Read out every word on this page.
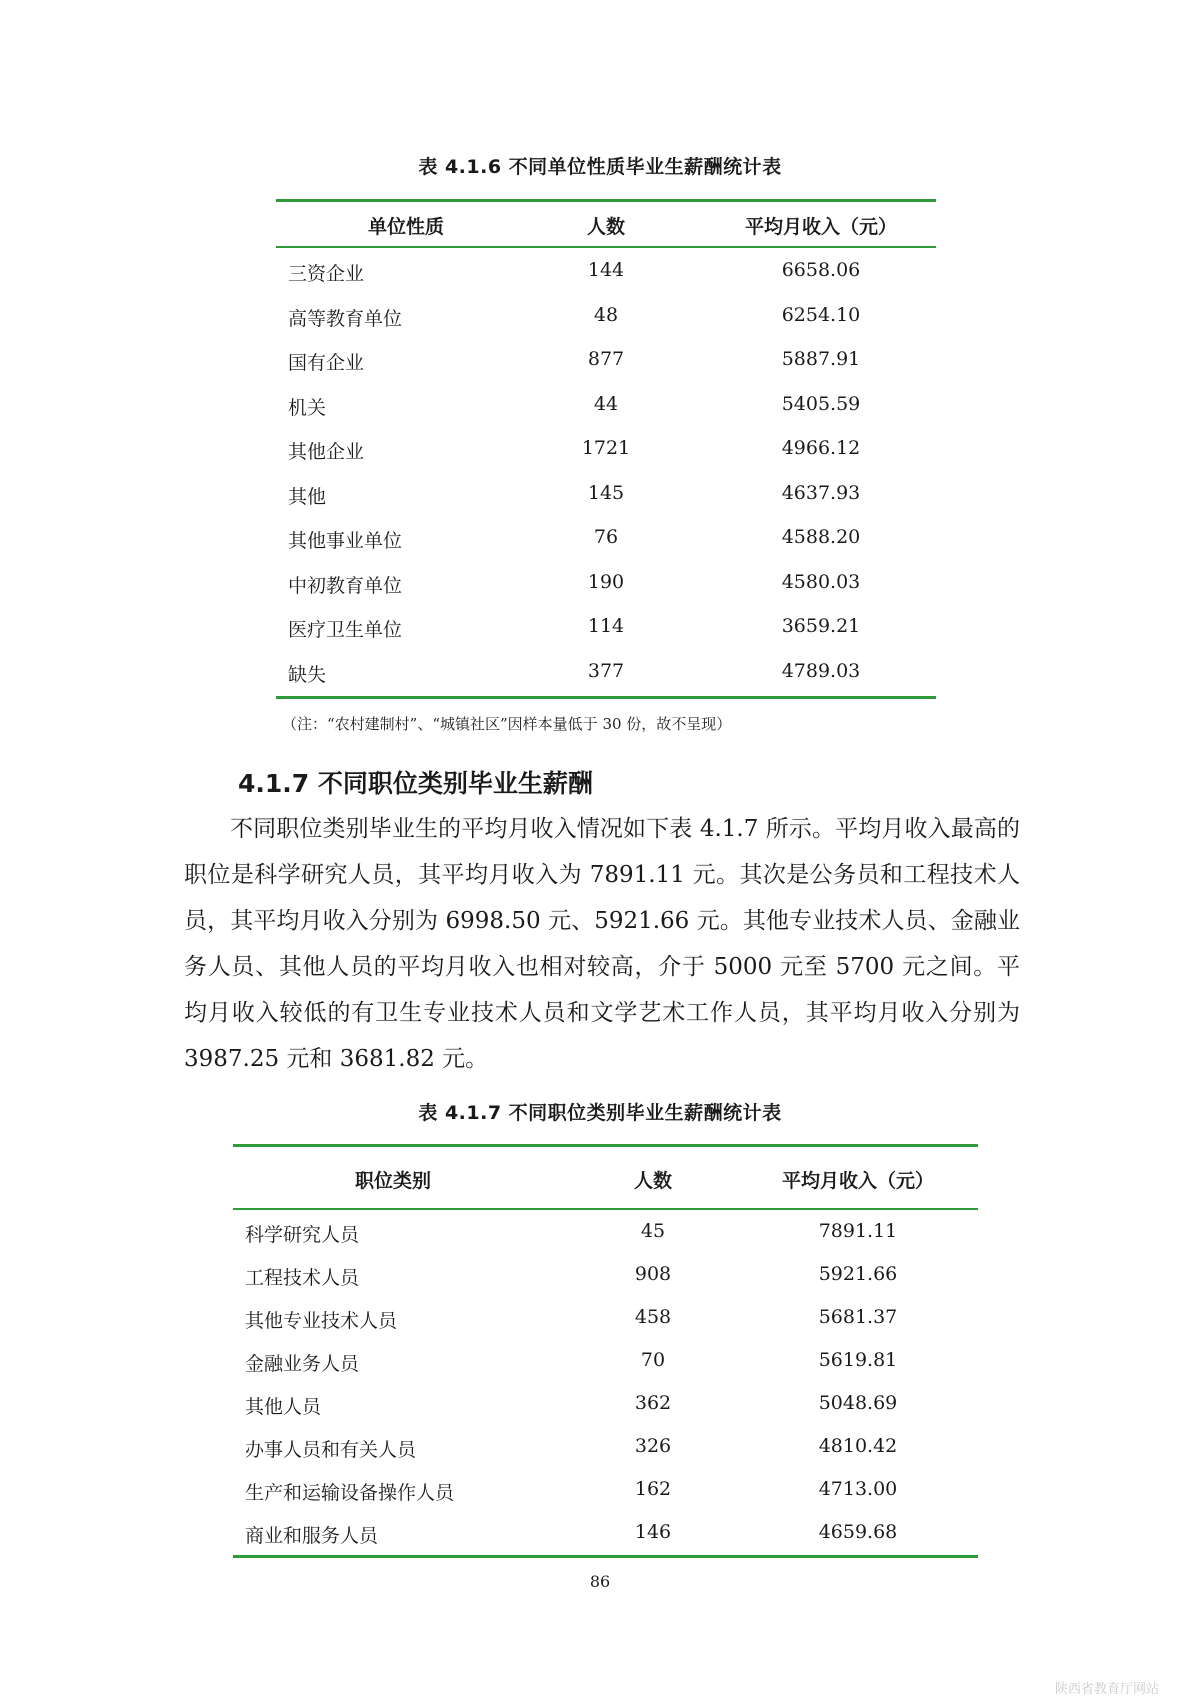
表 4.1.6 不同单位性质毕业生薪酬统计表
单位性质	人数	平均月收入（元）
三资企业	144	6658.06
高等教育单位	48	6254.10
国有企业	877	5887.91
机关	44	5405.59
其他企业	1721	4966.12
其他	145	4637.93
其他事业单位	76	4588.20
中初教育单位	190	4580.03
医疗卫生单位	114	3659.21
缺失	377	4789.03
（注：“农村建制村”、“城镇社区”因样本量低于 30 份，故不呈现）
4.1.7 不同职位类别毕业生薪酬

不同职位类别毕业生的平均月收入情况如下表 4.1.7 所示。平均月收入最高的职位是科学研究人员，其平均月收入为 7891.11 元。其次是公务员和工程技术人员，其平均月收入分别为 6998.50 元、5921.66 元。其他专业技术人员、金融业务人员、其他人员的平均月收入也相对较高，介于 5000 元至 5700 元之间。平均月收入较低的有卫生专业技术人员和文学艺术工作人员，其平均月收入分别为 3987.25 元和 3681.82 元。

表 4.1.7 不同职位类别毕业生薪酬统计表
职位类别	人数	平均月收入（元）
科学研究人员	45	7891.11
工程技术人员	908	5921.66
其他专业技术人员	458	5681.37
金融业务人员	70	5619.81
其他人员	362	5048.69
办事人员和有关人员	326	4810.42
生产和运输设备操作人员	162	4713.00
商业和服务人员	146	4659.68
86
陕西省教育厅网站
